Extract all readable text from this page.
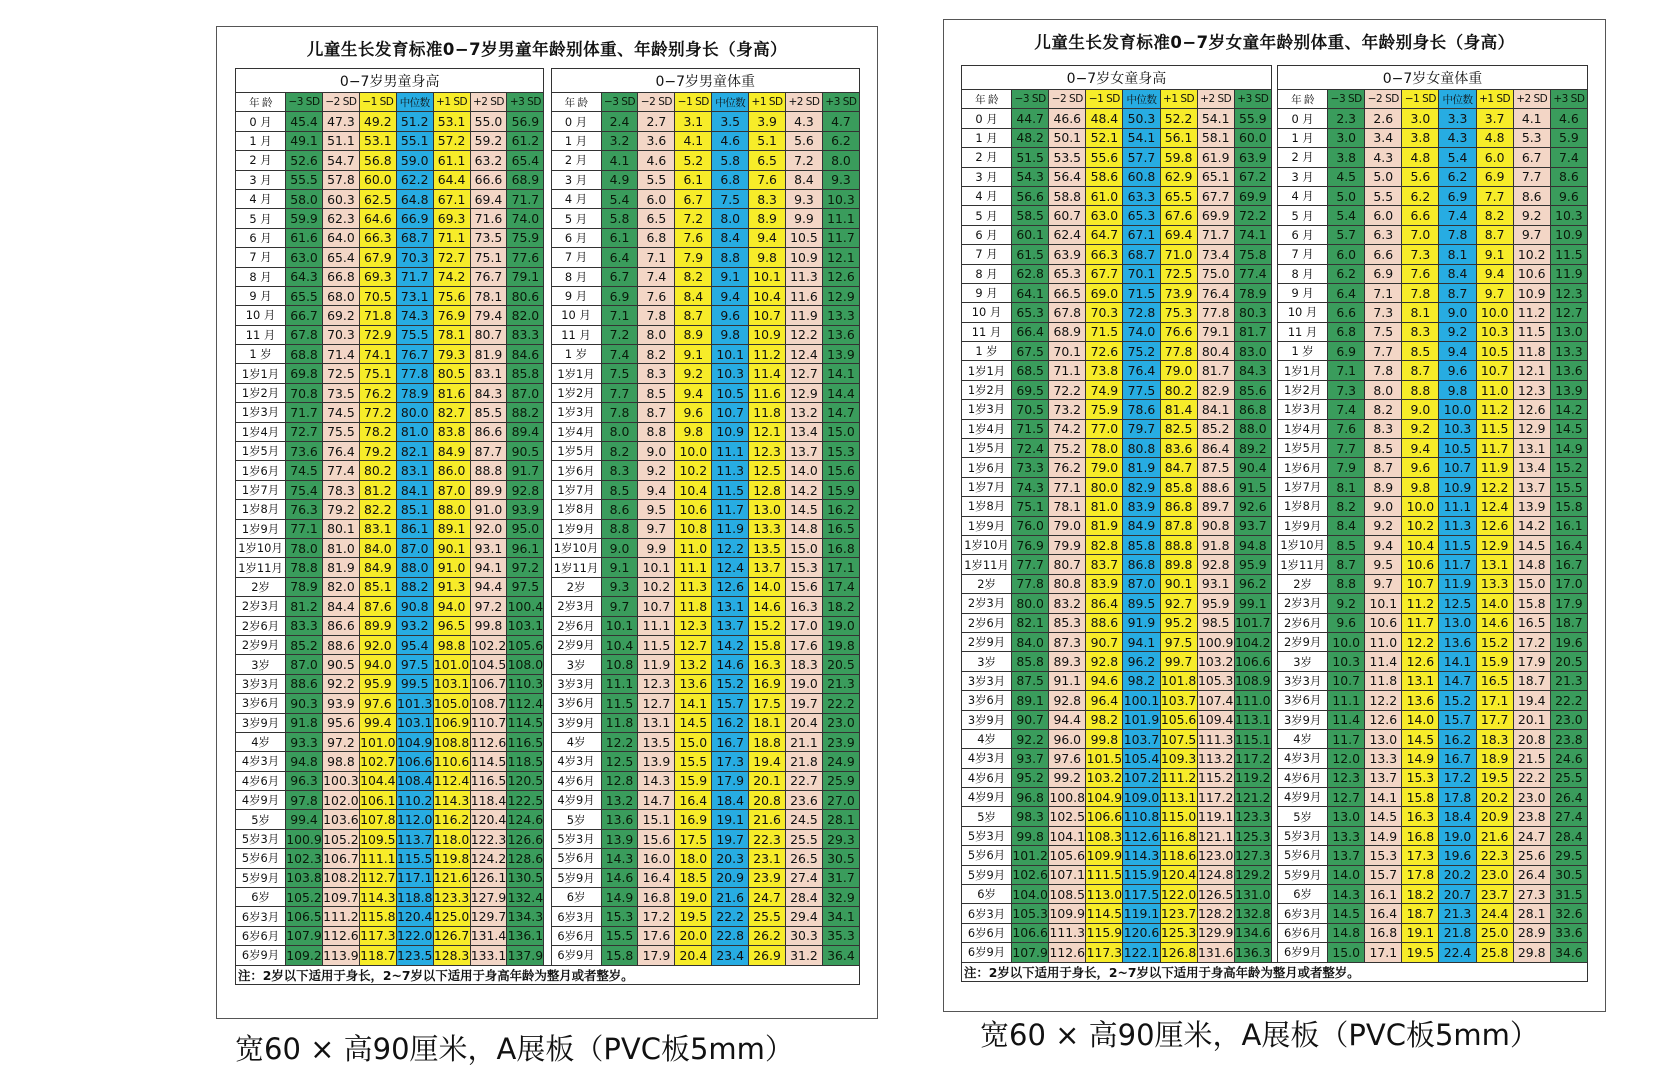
儿童生长发育标准0−7岁男童年龄别体重、年龄别身长（身高）
0−7岁男童身高									0−7岁男童体重							
年 龄	−3 SD	−2 SD	−1 SD	中位数	+1 SD	+2 SD	+3 SD		年 龄	−3 SD	−2 SD	−1 SD	中位数	+1 SD	+2 SD	+3 SD
0 月	45.4	47.3	49.2	51.2	53.1	55.0	56.9		0 月	2.4	2.7	3.1	3.5	3.9	4.3	4.7
1 月	49.1	51.1	53.1	55.1	57.2	59.2	61.2		1 月	3.2	3.6	4.1	4.6	5.1	5.6	6.2
2 月	52.6	54.7	56.8	59.0	61.1	63.2	65.4		2 月	4.1	4.6	5.2	5.8	6.5	7.2	8.0
3 月	55.5	57.8	60.0	62.2	64.4	66.6	68.9		3 月	4.9	5.5	6.1	6.8	7.6	8.4	9.3
4 月	58.0	60.3	62.5	64.8	67.1	69.4	71.7		4 月	5.4	6.0	6.7	7.5	8.3	9.3	10.3
5 月	59.9	62.3	64.6	66.9	69.3	71.6	74.0		5 月	5.8	6.5	7.2	8.0	8.9	9.9	11.1
6 月	61.6	64.0	66.3	68.7	71.1	73.5	75.9		6 月	6.1	6.8	7.6	8.4	9.4	10.5	11.7
7 月	63.0	65.4	67.9	70.3	72.7	75.1	77.6		7 月	6.4	7.1	7.9	8.8	9.8	10.9	12.1
8 月	64.3	66.8	69.3	71.7	74.2	76.7	79.1		8 月	6.7	7.4	8.2	9.1	10.1	11.3	12.6
9 月	65.5	68.0	70.5	73.1	75.6	78.1	80.6		9 月	6.9	7.6	8.4	9.4	10.4	11.6	12.9
10 月	66.7	69.2	71.8	74.3	76.9	79.4	82.0		10 月	7.1	7.8	8.7	9.6	10.7	11.9	13.3
11 月	67.8	70.3	72.9	75.5	78.1	80.7	83.3		11 月	7.2	8.0	8.9	9.8	10.9	12.2	13.6
1 岁	68.8	71.4	74.1	76.7	79.3	81.9	84.6		1 岁	7.4	8.2	9.1	10.1	11.2	12.4	13.9
1岁1月	69.8	72.5	75.1	77.8	80.5	83.1	85.8		1岁1月	7.5	8.3	9.2	10.3	11.4	12.7	14.1
1岁2月	70.8	73.5	76.2	78.9	81.6	84.3	87.0		1岁2月	7.7	8.5	9.4	10.5	11.6	12.9	14.4
1岁3月	71.7	74.5	77.2	80.0	82.7	85.5	88.2		1岁3月	7.8	8.7	9.6	10.7	11.8	13.2	14.7
1岁4月	72.7	75.5	78.2	81.0	83.8	86.6	89.4		1岁4月	8.0	8.8	9.8	10.9	12.1	13.4	15.0
1岁5月	73.6	76.4	79.2	82.1	84.9	87.7	90.5		1岁5月	8.2	9.0	10.0	11.1	12.3	13.7	15.3
1岁6月	74.5	77.4	80.2	83.1	86.0	88.8	91.7		1岁6月	8.3	9.2	10.2	11.3	12.5	14.0	15.6
1岁7月	75.4	78.3	81.2	84.1	87.0	89.9	92.8		1岁7月	8.5	9.4	10.4	11.5	12.8	14.2	15.9
1岁8月	76.3	79.2	82.2	85.1	88.0	91.0	93.9		1岁8月	8.6	9.5	10.6	11.7	13.0	14.5	16.2
1岁9月	77.1	80.1	83.1	86.1	89.1	92.0	95.0		1岁9月	8.8	9.7	10.8	11.9	13.3	14.8	16.5
1岁10月	78.0	81.0	84.0	87.0	90.1	93.1	96.1		1岁10月	9.0	9.9	11.0	12.2	13.5	15.0	16.8
1岁11月	78.8	81.9	84.9	88.0	91.0	94.1	97.2		1岁11月	9.1	10.1	11.1	12.4	13.7	15.3	17.1
2岁	78.9	82.0	85.1	88.2	91.3	94.4	97.5		2岁	9.3	10.2	11.3	12.6	14.0	15.6	17.4
2岁3月	81.2	84.4	87.6	90.8	94.0	97.2	100.4		2岁3月	9.7	10.7	11.8	13.1	14.6	16.3	18.2
2岁6月	83.3	86.6	89.9	93.2	96.5	99.8	103.1		2岁6月	10.1	11.1	12.3	13.7	15.2	17.0	19.0
2岁9月	85.2	88.6	92.0	95.4	98.8	102.2	105.6		2岁9月	10.4	11.5	12.7	14.2	15.8	17.6	19.8
3岁	87.0	90.5	94.0	97.5	101.0	104.5	108.0		3岁	10.8	11.9	13.2	14.6	16.3	18.3	20.5
3岁3月	88.6	92.2	95.9	99.5	103.1	106.7	110.3		3岁3月	11.1	12.3	13.6	15.2	16.9	19.0	21.3
3岁6月	90.3	93.9	97.6	101.3	105.0	108.7	112.4		3岁6月	11.5	12.7	14.1	15.7	17.5	19.7	22.2
3岁9月	91.8	95.6	99.4	103.1	106.9	110.7	114.5		3岁9月	11.8	13.1	14.5	16.2	18.1	20.4	23.0
4岁	93.3	97.2	101.0	104.9	108.8	112.6	116.5		4岁	12.2	13.5	15.0	16.7	18.8	21.1	23.9
4岁3月	94.8	98.8	102.7	106.6	110.6	114.5	118.5		4岁3月	12.5	13.9	15.5	17.3	19.4	21.8	24.9
4岁6月	96.3	100.3	104.4	108.4	112.4	116.5	120.5		4岁6月	12.8	14.3	15.9	17.9	20.1	22.7	25.9
4岁9月	97.8	102.0	106.1	110.2	114.3	118.4	122.5		4岁9月	13.2	14.7	16.4	18.4	20.8	23.6	27.0
5岁	99.4	103.6	107.8	112.0	116.2	120.4	124.6		5岁	13.6	15.1	16.9	19.1	21.6	24.5	28.1
5岁3月	100.9	105.2	109.5	113.7	118.0	122.3	126.6		5岁3月	13.9	15.6	17.5	19.7	22.3	25.5	29.3
5岁6月	102.3	106.7	111.1	115.5	119.8	124.2	128.6		5岁6月	14.3	16.0	18.0	20.3	23.1	26.5	30.5
5岁9月	103.8	108.2	112.7	117.1	121.6	126.1	130.5		5岁9月	14.6	16.4	18.5	20.9	23.9	27.4	31.7
6岁	105.2	109.7	114.3	118.8	123.3	127.9	132.4		6岁	14.9	16.8	19.0	21.6	24.7	28.4	32.9
6岁3月	106.5	111.2	115.8	120.4	125.0	129.7	134.3		6岁3月	15.3	17.2	19.5	22.2	25.5	29.4	34.1
6岁6月	107.9	112.6	117.3	122.0	126.7	131.4	136.1		6岁6月	15.5	17.6	20.0	22.8	26.2	30.3	35.3
6岁9月	109.2	113.9	118.7	123.5	128.3	133.1	137.9		6岁9月	15.8	17.9	20.4	23.4	26.9	31.2	36.4
注：2岁以下适用于身长，2~7岁以下适用于身高年龄为整月或者整岁。																
儿童生长发育标准0−7岁女童年龄别体重、年龄别身长（身高）
0−7岁女童身高									0−7岁女童体重							
年 龄	−3 SD	−2 SD	−1 SD	中位数	+1 SD	+2 SD	+3 SD		年 龄	−3 SD	−2 SD	−1 SD	中位数	+1 SD	+2 SD	+3 SD
0 月	44.7	46.6	48.4	50.3	52.2	54.1	55.9		0 月	2.3	2.6	3.0	3.3	3.7	4.1	4.6
1 月	48.2	50.1	52.1	54.1	56.1	58.1	60.0		1 月	3.0	3.4	3.8	4.3	4.8	5.3	5.9
2 月	51.5	53.5	55.6	57.7	59.8	61.9	63.9		2 月	3.8	4.3	4.8	5.4	6.0	6.7	7.4
3 月	54.3	56.4	58.6	60.8	62.9	65.1	67.2		3 月	4.5	5.0	5.6	6.2	6.9	7.7	8.6
4 月	56.6	58.8	61.0	63.3	65.5	67.7	69.9		4 月	5.0	5.5	6.2	6.9	7.7	8.6	9.6
5 月	58.5	60.7	63.0	65.3	67.6	69.9	72.2		5 月	5.4	6.0	6.6	7.4	8.2	9.2	10.3
6 月	60.1	62.4	64.7	67.1	69.4	71.7	74.1		6 月	5.7	6.3	7.0	7.8	8.7	9.7	10.9
7 月	61.5	63.9	66.3	68.7	71.0	73.4	75.8		7 月	6.0	6.6	7.3	8.1	9.1	10.2	11.5
8 月	62.8	65.3	67.7	70.1	72.5	75.0	77.4		8 月	6.2	6.9	7.6	8.4	9.4	10.6	11.9
9 月	64.1	66.5	69.0	71.5	73.9	76.4	78.9		9 月	6.4	7.1	7.8	8.7	9.7	10.9	12.3
10 月	65.3	67.8	70.3	72.8	75.3	77.8	80.3		10 月	6.6	7.3	8.1	9.0	10.0	11.2	12.7
11 月	66.4	68.9	71.5	74.0	76.6	79.1	81.7		11 月	6.8	7.5	8.3	9.2	10.3	11.5	13.0
1 岁	67.5	70.1	72.6	75.2	77.8	80.4	83.0		1 岁	6.9	7.7	8.5	9.4	10.5	11.8	13.3
1岁1月	68.5	71.1	73.8	76.4	79.0	81.7	84.3		1岁1月	7.1	7.8	8.7	9.6	10.7	12.1	13.6
1岁2月	69.5	72.2	74.9	77.5	80.2	82.9	85.6		1岁2月	7.3	8.0	8.8	9.8	11.0	12.3	13.9
1岁3月	70.5	73.2	75.9	78.6	81.4	84.1	86.8		1岁3月	7.4	8.2	9.0	10.0	11.2	12.6	14.2
1岁4月	71.5	74.2	77.0	79.7	82.5	85.2	88.0		1岁4月	7.6	8.3	9.2	10.3	11.5	12.9	14.5
1岁5月	72.4	75.2	78.0	80.8	83.6	86.4	89.2		1岁5月	7.7	8.5	9.4	10.5	11.7	13.1	14.9
1岁6月	73.3	76.2	79.0	81.9	84.7	87.5	90.4		1岁6月	7.9	8.7	9.6	10.7	11.9	13.4	15.2
1岁7月	74.3	77.1	80.0	82.9	85.8	88.6	91.5		1岁7月	8.1	8.9	9.8	10.9	12.2	13.7	15.5
1岁8月	75.1	78.1	81.0	83.9	86.8	89.7	92.6		1岁8月	8.2	9.0	10.0	11.1	12.4	13.9	15.8
1岁9月	76.0	79.0	81.9	84.9	87.8	90.8	93.7		1岁9月	8.4	9.2	10.2	11.3	12.6	14.2	16.1
1岁10月	76.9	79.9	82.8	85.8	88.8	91.8	94.8		1岁10月	8.5	9.4	10.4	11.5	12.9	14.5	16.4
1岁11月	77.7	80.7	83.7	86.8	89.8	92.8	95.9		1岁11月	8.7	9.5	10.6	11.7	13.1	14.8	16.7
2岁	77.8	80.8	83.9	87.0	90.1	93.1	96.2		2岁	8.8	9.7	10.7	11.9	13.3	15.0	17.0
2岁3月	80.0	83.2	86.4	89.5	92.7	95.9	99.1		2岁3月	9.2	10.1	11.2	12.5	14.0	15.8	17.9
2岁6月	82.1	85.3	88.6	91.9	95.2	98.5	101.7		2岁6月	9.6	10.6	11.7	13.0	14.6	16.5	18.7
2岁9月	84.0	87.3	90.7	94.1	97.5	100.9	104.2		2岁9月	10.0	11.0	12.2	13.6	15.2	17.2	19.6
3岁	85.8	89.3	92.8	96.2	99.7	103.2	106.6		3岁	10.3	11.4	12.6	14.1	15.9	17.9	20.5
3岁3月	87.5	91.1	94.6	98.2	101.8	105.3	108.9		3岁3月	10.7	11.8	13.1	14.7	16.5	18.7	21.3
3岁6月	89.1	92.8	96.4	100.1	103.7	107.4	111.0		3岁6月	11.1	12.2	13.6	15.2	17.1	19.4	22.2
3岁9月	90.7	94.4	98.2	101.9	105.6	109.4	113.1		3岁9月	11.4	12.6	14.0	15.7	17.7	20.1	23.0
4岁	92.2	96.0	99.8	103.7	107.5	111.3	115.1		4岁	11.7	13.0	14.5	16.2	18.3	20.8	23.8
4岁3月	93.7	97.6	101.5	105.4	109.3	113.2	117.2		4岁3月	12.0	13.3	14.9	16.7	18.9	21.5	24.6
4岁6月	95.2	99.2	103.2	107.2	111.2	115.2	119.2		4岁6月	12.3	13.7	15.3	17.2	19.5	22.2	25.5
4岁9月	96.8	100.8	104.9	109.0	113.1	117.2	121.2		4岁9月	12.7	14.1	15.8	17.8	20.2	23.0	26.4
5岁	98.3	102.5	106.6	110.8	115.0	119.1	123.3		5岁	13.0	14.5	16.3	18.4	20.9	23.8	27.4
5岁3月	99.8	104.1	108.3	112.6	116.8	121.1	125.3		5岁3月	13.3	14.9	16.8	19.0	21.6	24.7	28.4
5岁6月	101.2	105.6	109.9	114.3	118.6	123.0	127.3		5岁6月	13.7	15.3	17.3	19.6	22.3	25.6	29.5
5岁9月	102.6	107.1	111.5	115.9	120.4	124.8	129.2		5岁9月	14.0	15.7	17.8	20.2	23.0	26.4	30.5
6岁	104.0	108.5	113.0	117.5	122.0	126.5	131.0		6岁	14.3	16.1	18.2	20.7	23.7	27.3	31.5
6岁3月	105.3	109.9	114.5	119.1	123.7	128.2	132.8		6岁3月	14.5	16.4	18.7	21.3	24.4	28.1	32.6
6岁6月	106.6	111.3	115.9	120.6	125.3	129.9	134.6		6岁6月	14.8	16.8	19.1	21.8	25.0	28.9	33.6
6岁9月	107.9	112.6	117.3	122.1	126.8	131.6	136.3		6岁9月	15.0	17.1	19.5	22.4	25.8	29.8	34.6
注：2岁以下适用于身长，2~7岁以下适用于身高年龄为整月或者整岁。																
宽60 × 高90厘米，A展板（PVC板5mm）	宽60 × 高90厘米，A展板（PVC板5mm）
